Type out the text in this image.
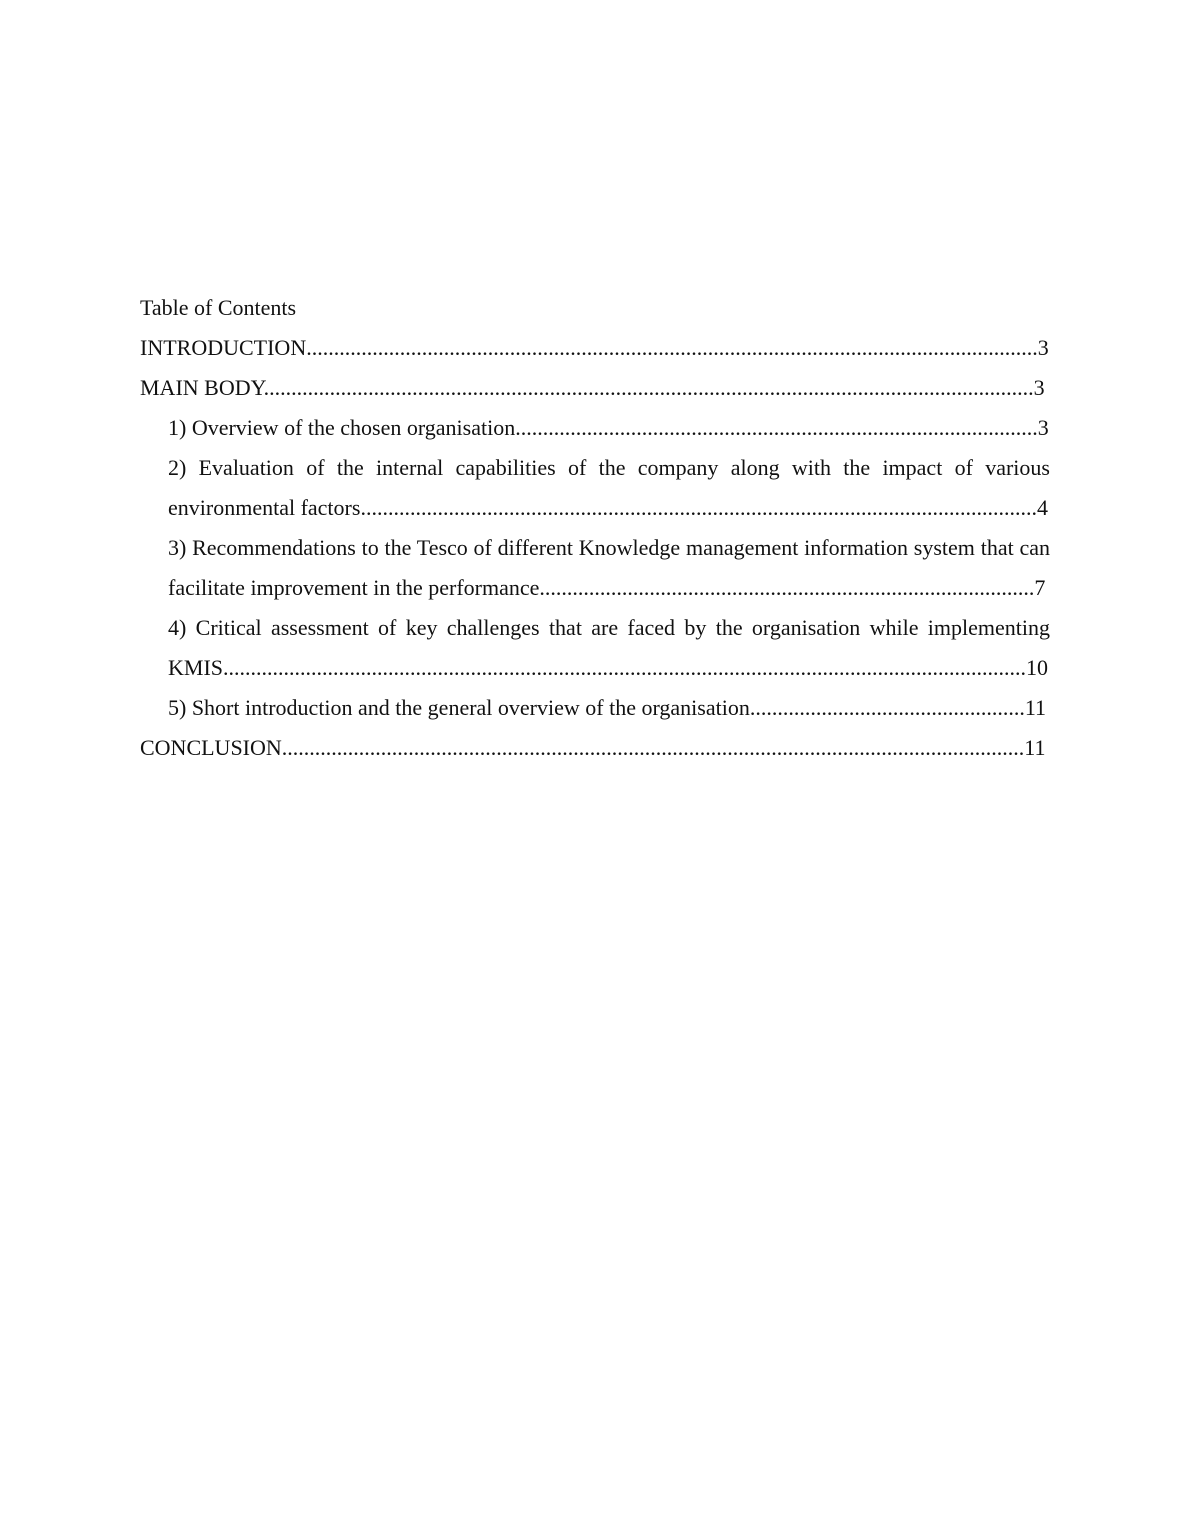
Table of Contents
INTRODUCTION.....................................................................................................................................3
MAIN BODY............................................................................................................................................3
1) Overview of the chosen organisation...............................................................................................3
2) Evaluation of the internal capabilities of the company along with the impact of various environmental factors...........................................................................................................................4
3) Recommendations to the Tesco of different Knowledge management information system that can facilitate improvement in the performance..........................................................................................7
4) Critical assessment of key challenges that are faced by the organisation while implementing KMIS..................................................................................................................................................10
5) Short introduction and the general overview of the organisation..................................................11
CONCLUSION.......................................................................................................................................11
